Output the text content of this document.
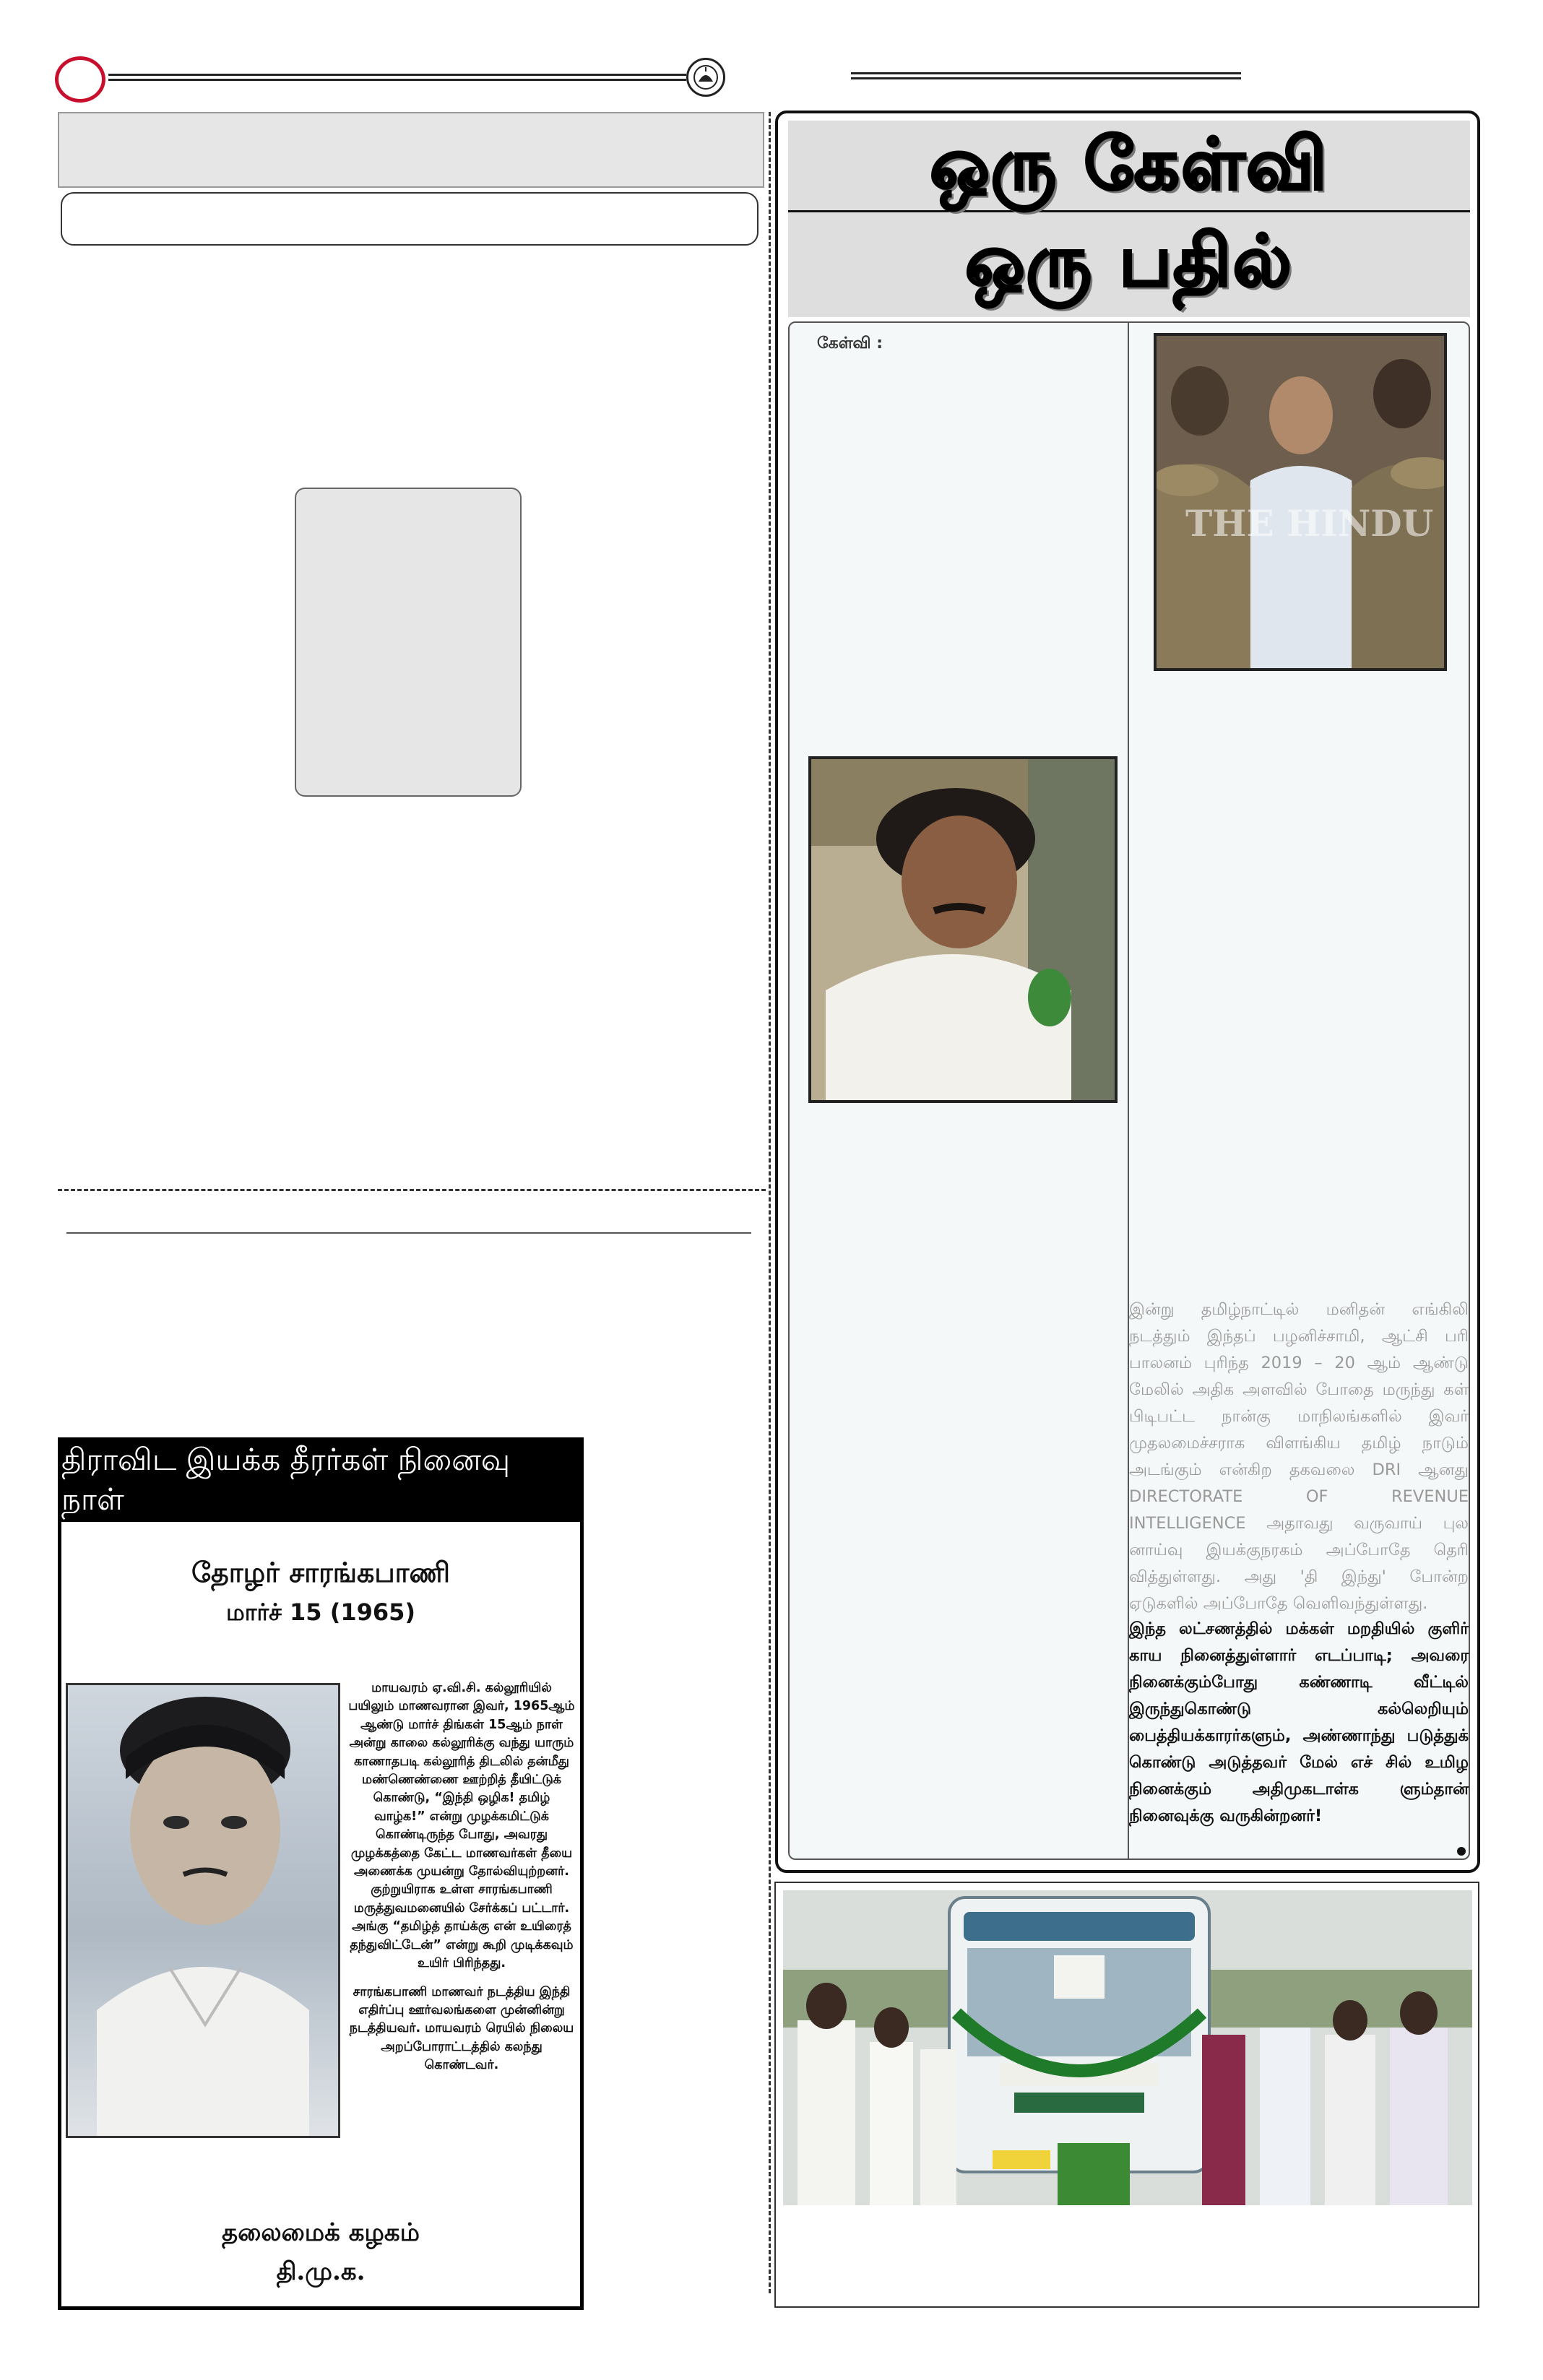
திராவிட இயக்க தீரர்கள் நினைவு நாள்
தோழர் சாரங்கபாணி
மார்ச் 15 (1965)

மாயவரம் ஏ.வி.சி. கல்லூரியில் பயிலும் மாணவரான இவர், 1965ஆம் ஆண்டு மார்ச் திங்கள் 15ஆம் நாள் அன்று காலை கல்லூரிக்கு வந்து யாரும் காணாதபடி கல்லூரித் திடலில் தன்மீது மண்ணெண்ணை ஊற்றித் தீயிட்டுக் கொண்டு, “இந்தி ஒழிக! தமிழ் வாழ்க!” என்று முழக்கமிட்டுக் கொண்டிருந்த போது, அவரது முழக்கத்தை கேட்ட மாணவர்கள் தீயை அணைக்க முயன்று தோல்வியுற்றனர். குற்றுயிராக உள்ள சாரங்கபாணி மருத்துவமனையில் சேர்க்கப் பட்டார். அங்கு “தமிழ்த் தாய்க்கு என் உயிரைத் தந்துவிட்டேன்” என்று கூறி முடிக்கவும் உயிர் பிரிந்தது.

சாரங்கபாணி மாணவர் நடத்திய இந்தி எதிர்ப்பு ஊர்வலங்களை முன்னின்று நடத்தியவர். மாயவரம் ரெயில் நிலைய அறப்போராட்டத்தில் கலந்து கொண்டவர்.

தலைமைக் கழகம்
தி.மு.க.
ஒரு கேள்வி
ஒரு பதில்
கேள்வி :
THE HINDU
இன்று தமிழ்நாட்டில் மனிதன் எங்கிலி நடத்தும் இந்தப் பழனிச்சாமி, ஆட்சி பரி பாலனம் புரிந்த 2019 – 20 ஆம் ஆண்டு மேலில் அதிக அளவில் போதை மருந்து கள் பிடிபட்ட நான்கு மாநிலங்களில் இவர் முதலமைச்சராக விளங்கிய தமிழ் நாடும் அடங்கும் என்கிற தகவலை DRI ஆனது DIRECTORATE OF REVENUE INTELLIGENCE அதாவது வருவாய் புல னாய்வு இயக்குநரகம் அப்போதே தெரி வித்துள்ளது. அது 'தி இந்து' போன்ற ஏடுகளில் அப்போதே வெளிவந்துள்ளது.
இந்த லட்சணத்தில் மக்கள் மறதியில் குளிர் காய நினைத்துள்ளார் எடப்பாடி; அவரை நினைக்கும்போது கண்ணாடி வீட்டில் இருந்துகொண்டு கல்லெறியும் பைத்தியக்காரர்களும், அண்ணாந்து படுத்துக் கொண்டு அடுத்தவர் மேல் எச் சில் உமிழ நினைக்கும் அதிமுகடாள்க ளும்தான் நினைவுக்கு வருகின்றனர்!
